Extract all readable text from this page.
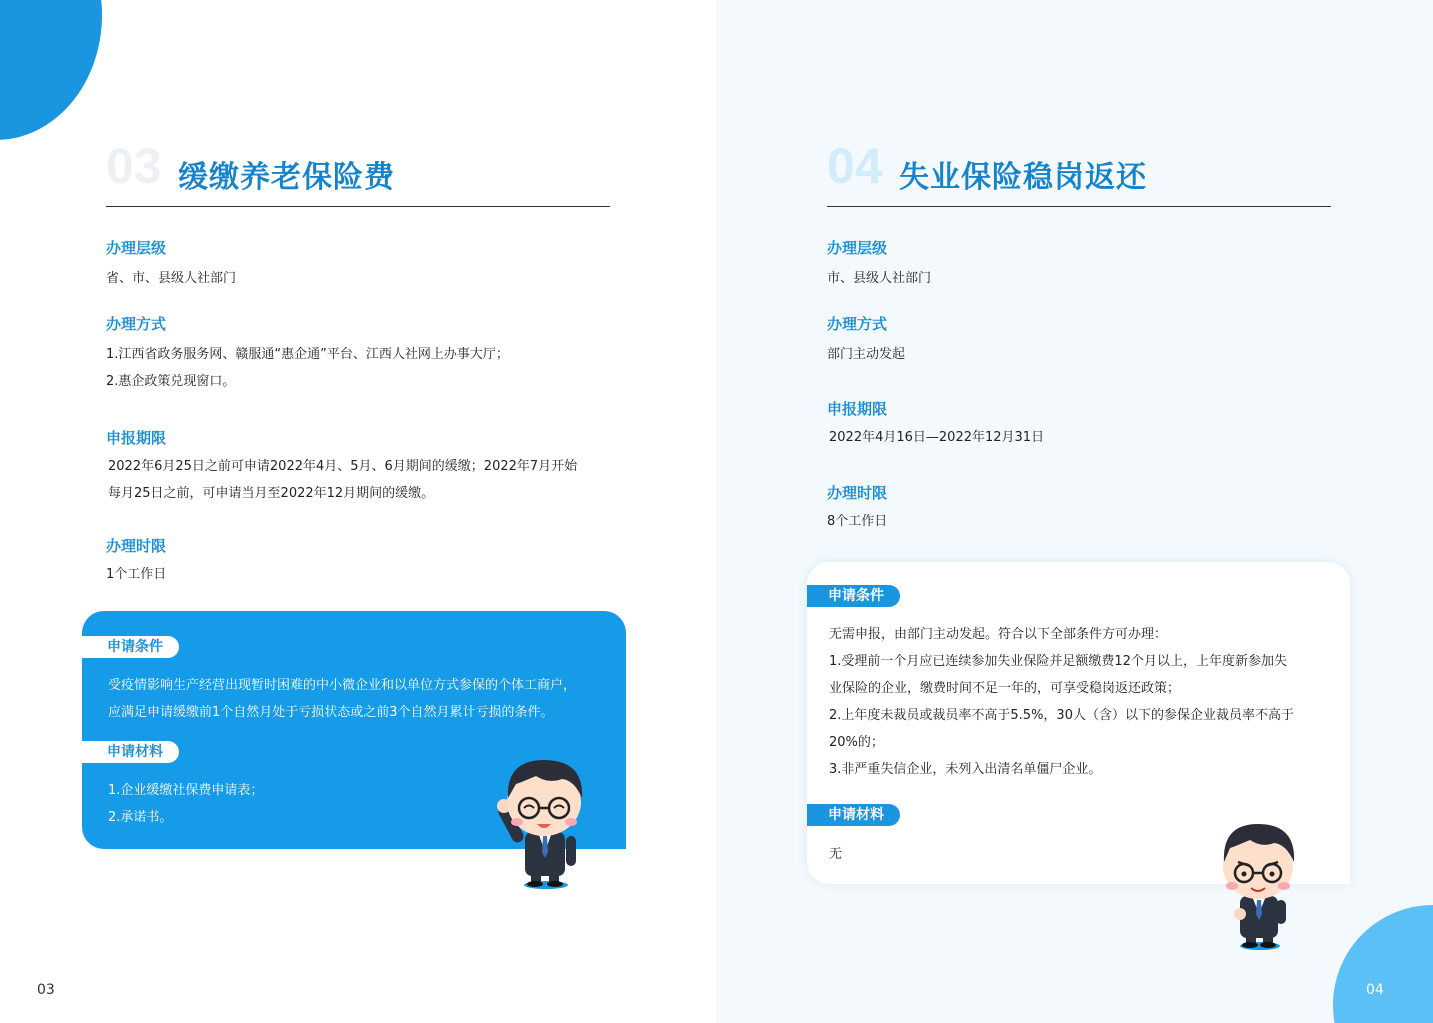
03 缓缴养老保险费
办理层级
省、市、县级人社部门
办理方式
1.江西省政务服务网、赣服通“惠企通”平台、江西人社网上办事大厅；
2.惠企政策兑现窗口。
申报期限
2022年6月25日之前可申请2022年4月、5月、6月期间的缓缴；2022年7月开始
每月25日之前，可申请当月至2022年12月期间的缓缴。
办理时限
1个工作日
申请条件
受疫情影响生产经营出现暂时困难的中小微企业和以单位方式参保的个体工商户，
应满足申请缓缴前1个自然月处于亏损状态或之前3个自然月累计亏损的条件。
申请材料
1.企业缓缴社保费申请表；
2.承诺书。
03
04 失业保险稳岗返还
办理层级
市、县级人社部门
办理方式
部门主动发起
申报期限
2022年4月16日—2022年12月31日
办理时限
8个工作日
申请条件
无需申报，由部门主动发起。符合以下全部条件方可办理：
1.受理前一个月应已连续参加失业保险并足额缴费12个月以上，上年度新参加失
业保险的企业，缴费时间不足一年的，可享受稳岗返还政策；
2.上年度未裁员或裁员率不高于5.5%，30人（含）以下的参保企业裁员率不高于
20%的；
3.非严重失信企业，未列入出清名单僵尸企业。
申请材料
无
04
